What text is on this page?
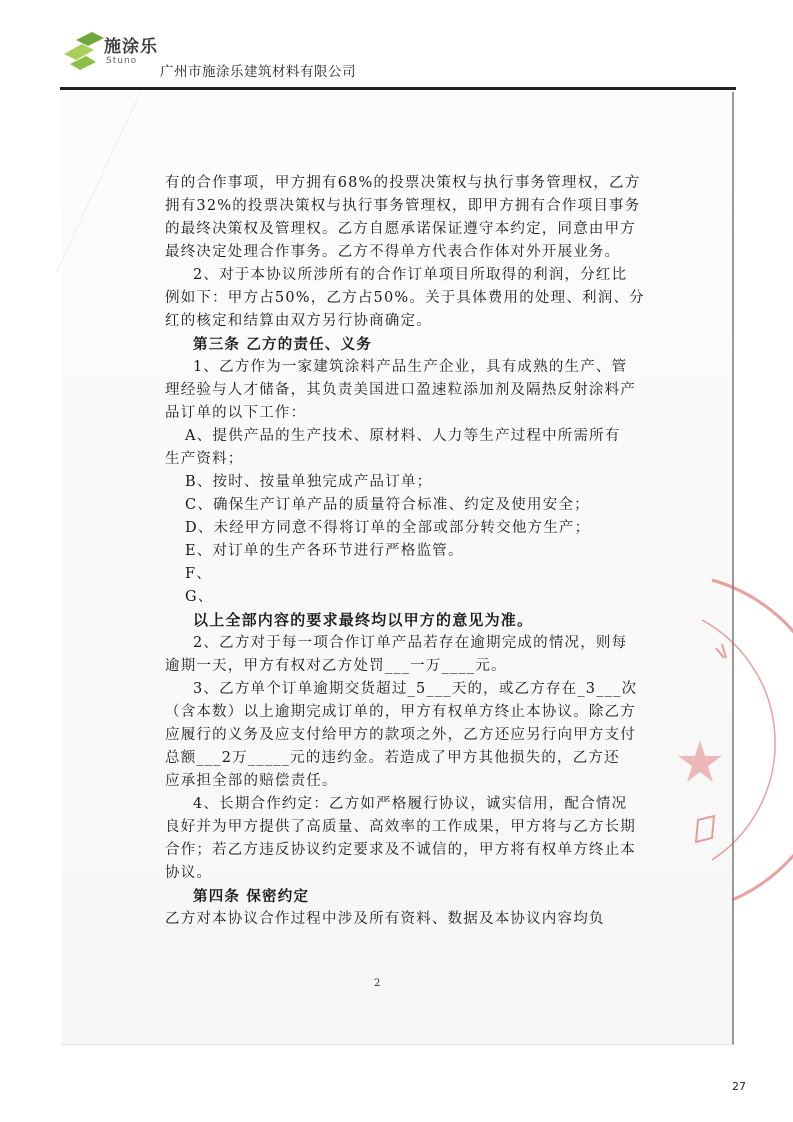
施涂乐
Stuno
广州市施涂乐建筑材料有限公司
有的合作事项，甲方拥有68%的投票决策权与执行事务管理权，乙方
拥有32%的投票决策权与执行事务管理权，即甲方拥有合作项目事务
的最终决策权及管理权。乙方自愿承诺保证遵守本约定，同意由甲方
最终决定处理合作事务。乙方不得单方代表合作体对外开展业务。
2、对于本协议所涉所有的合作订单项目所取得的利润，分红比
例如下：甲方占50%，乙方占50%。关于具体费用的处理、利润、分
红的核定和结算由双方另行协商确定。
第三条 乙方的责任、义务
1、乙方作为一家建筑涂料产品生产企业，具有成熟的生产、管
理经验与人才储备，其负责美国进口盈速粒添加剂及隔热反射涂料产
品订单的以下工作：
A、提供产品的生产技术、原材料、人力等生产过程中所需所有
生产资料；
B、按时、按量单独完成产品订单；
C、确保生产订单产品的质量符合标准、约定及使用安全；
D、未经甲方同意不得将订单的全部或部分转交他方生产；
E、对订单的生产各环节进行严格监管。
F、
G、
以上全部内容的要求最终均以甲方的意见为准。
2、乙方对于每一项合作订单产品若存在逾期完成的情况，则每
逾期一天，甲方有权对乙方处罚___一万____元。
3、乙方单个订单逾期交货超过_5___天的，或乙方存在_3___次
（含本数）以上逾期完成订单的，甲方有权单方终止本协议。除乙方
应履行的义务及应支付给甲方的款项之外，乙方还应另行向甲方支付
总额___2万_____元的违约金。若造成了甲方其他损失的，乙方还
应承担全部的赔偿责任。
4、长期合作约定：乙方如严格履行协议，诚实信用，配合情况
良好并为甲方提供了高质量、高效率的工作成果，甲方将与乙方长期
合作；若乙方违反协议约定要求及不诚信的，甲方将有权单方终止本
协议。
第四条 保密约定
乙方对本协议合作过程中涉及所有资料、数据及本协议内容均负
2
27
